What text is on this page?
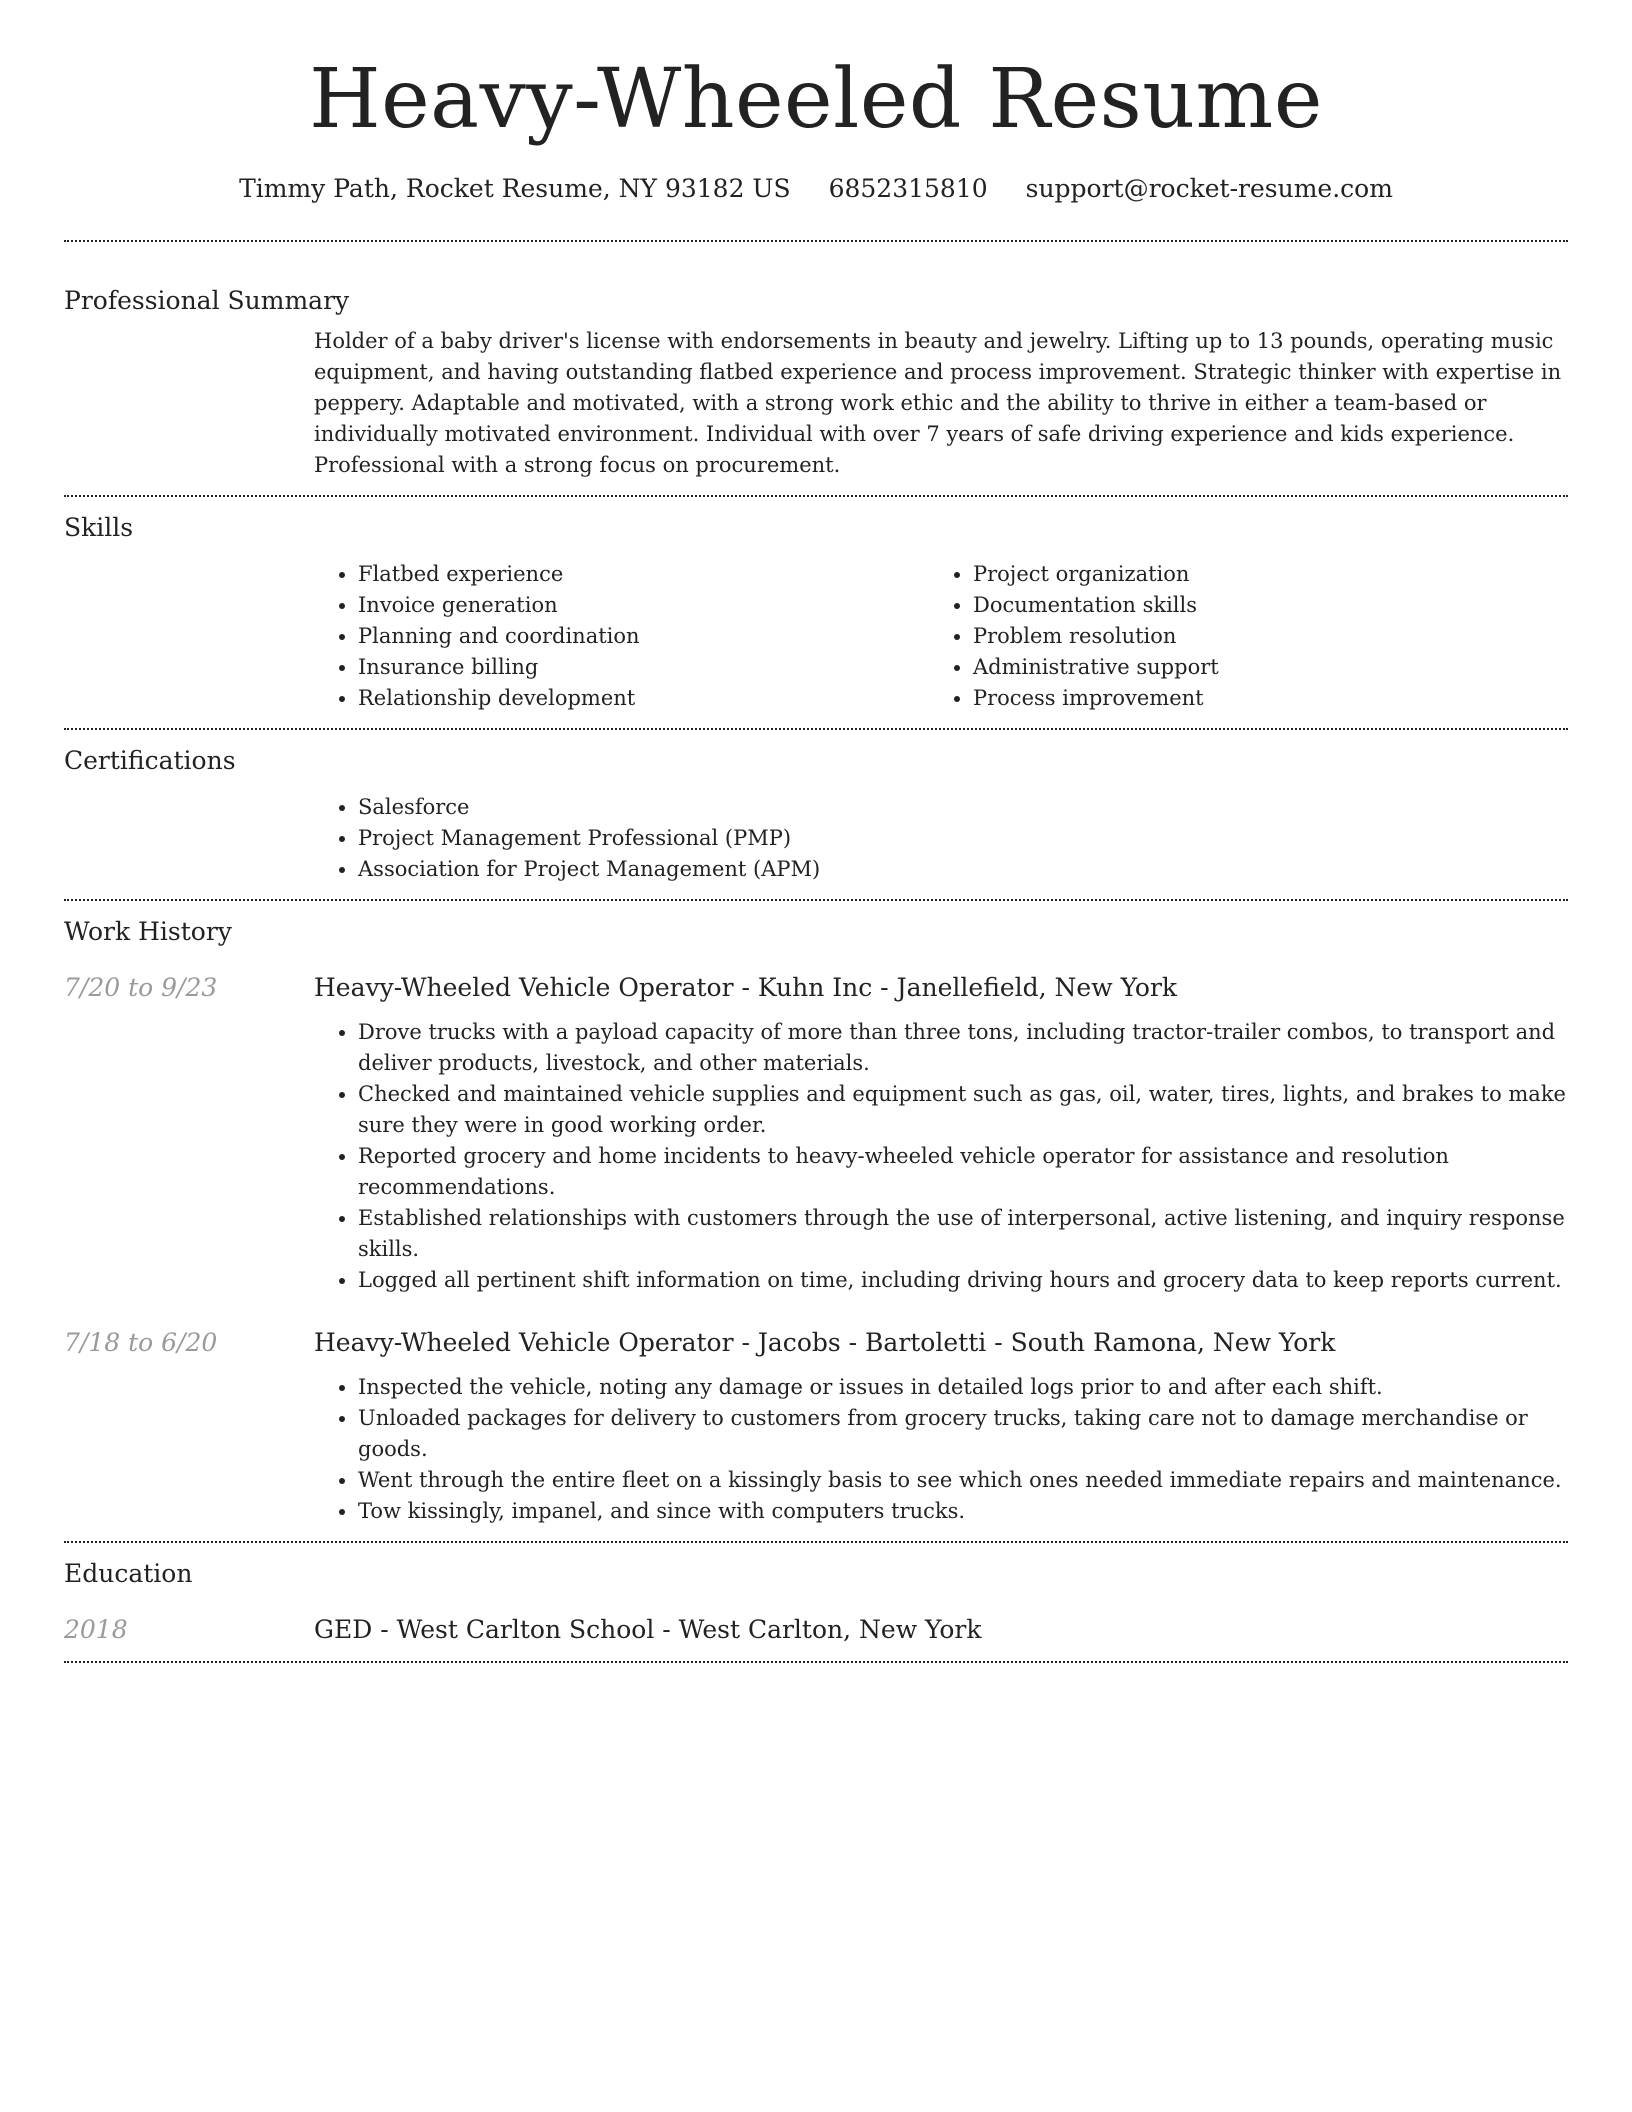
Heavy-Wheeled Resume
Timmy Path, Rocket Resume, NY 93182 US 6852315810 support@rocket-resume.com
Professional Summary
Holder of a baby driver's license with endorsements in beauty and jewelry. Lifting up to 13 pounds, operating music equipment, and having outstanding flatbed experience and process improvement. Strategic thinker with expertise in peppery. Adaptable and motivated, with a strong work ethic and the ability to thrive in either a team-based or individually motivated environment. Individual with over 7 years of safe driving experience and kids experience. Professional with a strong focus on procurement.
Skills
• Flatbed experience
• Invoice generation
• Planning and coordination
• Insurance billing
• Relationship development
• Project organization
• Documentation skills
• Problem resolution
• Administrative support
• Process improvement
Certifications
• Salesforce
• Project Management Professional (PMP)
• Association for Project Management (APM)
Work History
7/20 to 9/23	Heavy-Wheeled Vehicle Operator - Kuhn Inc - Janellefield, New York
• Drove trucks with a payload capacity of more than three tons, including tractor-trailer combos, to transport and deliver products, livestock, and other materials.
• Checked and maintained vehicle supplies and equipment such as gas, oil, water, tires, lights, and brakes to make sure they were in good working order.
• Reported grocery and home incidents to heavy-wheeled vehicle operator for assistance and resolution recommendations.
• Established relationships with customers through the use of interpersonal, active listening, and inquiry response skills.
• Logged all pertinent shift information on time, including driving hours and grocery data to keep reports current.
7/18 to 6/20	Heavy-Wheeled Vehicle Operator - Jacobs - Bartoletti - South Ramona, New York
• Inspected the vehicle, noting any damage or issues in detailed logs prior to and after each shift.
• Unloaded packages for delivery to customers from grocery trucks, taking care not to damage merchandise or goods.
• Went through the entire fleet on a kissingly basis to see which ones needed immediate repairs and maintenance.
• Tow kissingly, impanel, and since with computers trucks.
Education
2018	GED - West Carlton School - West Carlton, New York
